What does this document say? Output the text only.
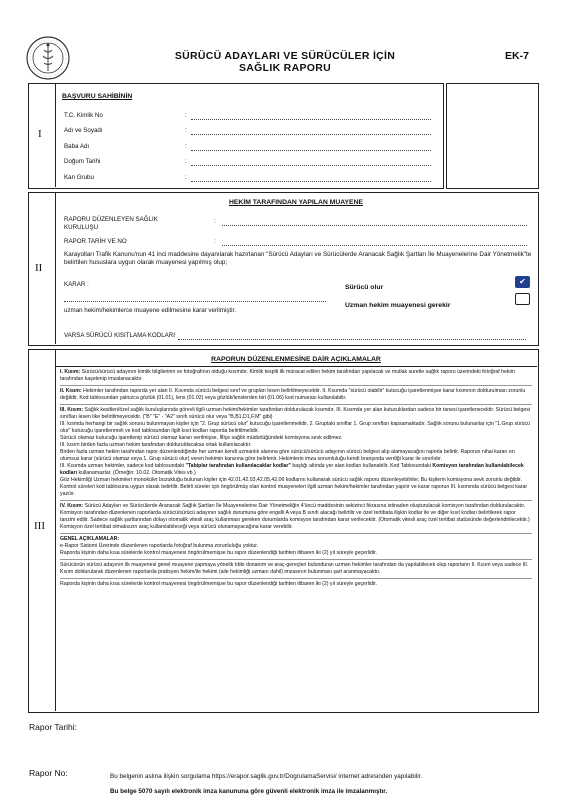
SÜRÜCÜ ADAYLARI VE SÜRÜCÜLER İÇİN
SAĞLIK RAPORU
EK-7
I
BAŞVURU SAHİBİNİN
T.C. Kimlik No	:
Adı ve Soyadı	:
Baba Adı	:
Doğum Tarihi	:
Kan Grubu	:
II
HEKİM TARAFINDAN YAPILAN MUAYENE
RAPORU DÜZENLEYEN SAĞLIK KURULUŞU
:
RAPOR TARİH VE NO	:
Karayolları Trafik Kanunu'nun 41 inci maddesine dayanılarak hazırlanan "Sürücü Adayları ve Sürücülerde Aranacak Sağlık Şartları İle Muayenelerine Dair Yönetmelik"te belirtilen hususlara uygun olarak muayenesi yapılmış olup;
KARAR :
uzman hekim/hekimlerce muayene edilmesine karar verilmiştir.
Sürücü olur
✔
Uzman hekim muayenesi gerekir
VARSA SÜRÜCÜ KISITLAMA KODLARI
III
RAPORUN DÜZENLENMESİNE DAİR AÇIKLAMALAR
I. Kısım: Sürücü/sürücü adayının kimlik bilgilerinin ve fotoğrafının olduğu kısımdır. Kimlik tespiti ilk müracat edilen hekim tarafından yapılacak ve mutlak suretle sağlık raporu üzerindeki fotoğraf hekim tarafından kaşelenip imzalanacaktır.
II. Kısım: Hekimler tarafından raporda yer alan II. Kısımda sürücü belgesi sınıf ve grupları lesen belirtilmeyecektir. II. Kısımda "sürücü olabilir" kutucuğu işaretlenmişse karar kısmının doldurulması zorunlu değildir. Kod tablosundan yalnızca gözlük (01.01), lens (01.02) veya gözlük/lenslerden biri (01.06) kod numarası kullanılabilir.
III. Kısım: Sağlık kesitleri/özel sağlık kuruluşlarında görevli ilgili uzman hekim/hekimler tarafından doldurulacak kısımdır. III. Kısımda yer alan kutucuklardan sadece bir tanesi işaretlenecektir. Sürücü belgesi sınıfları lesen like belirtilmeyecektir. ("B" "E" - "A2" sınıfı sürücü olur veya "B,B1,D1,F,M" gibi)
III. kısmda herhangi bir sağlık sorunu bulunmayan kişiler için "2. Grup sürücü olur" kutucuğu işaretlenmelidir. 2. Gruptaki sınıflar 1. Grup sınıfları kapsamaktadır. Sağlık sorunu bulunanlar için "1.Grup sürücü olur" kutucuğu işaretlenmeli ve kod tablosundan ilgili kısıt kodları raporda belirtilmelidir.
Sürücü olamaz kutucuğu işaretlenip sürücü olamaz kararı verilmişse, İlİlçe sağlık müdürlüğündeki komisyona sevk edilmez.
III. kısım birden fazla uzman hekim tarafından dolduruldacaksa ortak kullanılacaktır.
Birden fazla uzman hekim tarafından rapor düzenlendiğinde her uzman kendi uzmanlık alanına göre sürücü/sürücü adayının sürücü belgesi alıp alamayacağını raporla belirtir. Raporun nihai kararı en olumsuz karar (sürücü olamaz veya 1. Grup sürücü olur) veren hekimin kararına göre belirlenir. Hekimlerin imza sorumluluğu kendi branşında verdiği karar ile sınırlıdır.
III. Kısımda uzman hekimler, sadece kod tablosundaki "Tabiplar tarafından kullanılacaklar kodlar" başlığı altında yer alan kodları kullanabilir. Kod Tablosundaki Komisyon tarafından kullanılabilecek kodları kullanamazlar. (Örneğin: 10.02. Otomatik Vites vb.)
Göz Hekimliği Uzman hekimleri monoküler bozukluğu bulunan kişiler için 42.01,42.03,42.05,42.06 kodlarını kullanarak sürücü sağlık raporu düzenleyebilirler. Bu kişilerin komisyona sevk zorunlu değildir.
Kontrol süreleri kod tablosuna uygun olarak belirtilir. Belirli süreler için öngörülmüş olan kontrol muayeneleri ilgili uzman hekim/hekimler tarafından yapılır ve karar raporun III. kısmında sürücü belgesi karar yazılır.
IV. Kısım: Sürücü Adayları ve Sürücülerde Aranacak Sağlık Şartları İle Muayenelerine Dair Yönetmeliğin 4'üncü maddesinin sekizinci fıkrasına istinaden oluşturulacak komisyon tarafından doldurulacaktır.
Komisyon tarafından düzenlenen raporlarda sürücü/sürücü adayının sağlık durumuna göre engelli A veya B sınıfı alacağı belirtilir ve özel tertibata ilişkin kodlar ile ve diğer kısıt kodları belirtilerek rapor tanzim edilir. Sadece sağlık şartlarından dolayı otomatik vitesli araç kullanması gereken durumlarda komisyon tarafından karar verilecektir. (Otomatik vitesli araç özel tertibat statüsünde değerlendirilecektir.) Komisyon özel tertibat olmaksızın araç kullanılabileceği veya sürücü olunamayacağına karar verebilir.
GENEL AÇIKLAMALAR:
e-Rapor Sistemi Üzerinde düzenlenen raporlarda fotoğraf bulunma zorunluluğu yoktur.
Raporda kişinin daha kısa sürelerde kontrol muayenesi öngörülmemişse bu rapor düzenlendiği tarihten itibaren iki (2) yıl süreyle geçerlidir.
Sürücünün sürücü adayının ilk muayenesi genel muayene yapmaya yönelik tıbbi donanım ve araç-gereçleri bulunduran uzman hekimler tarafından da yapılabilecek olup raporların II. Kısım veya sadece III. Kısım doldurularak düzenlenen raporlarda pratisyen hekim/ile hekimi (aile hekimliği uzmanı dahil) imzasının bulunması şart aranmayacaktır.
Raporda kişinin daha kısa sürelerde kontrol muayenesi öngörülmemişse bu rapor düzenlendiği tarihten itibaren iki (2) yıl süreyle geçerlidir.
Rapor Tarihi:
Rapor No:	Bu belgenin aslına ilişkin sorgulama https://erapor.saglik.gov.tr/DogrulamaServisi/ internet adresinden yapılabilir.
Bu belge 5070 sayılı elektronik imza kanununa göre güvenli elektronik imza ile imzalanmıştır.
